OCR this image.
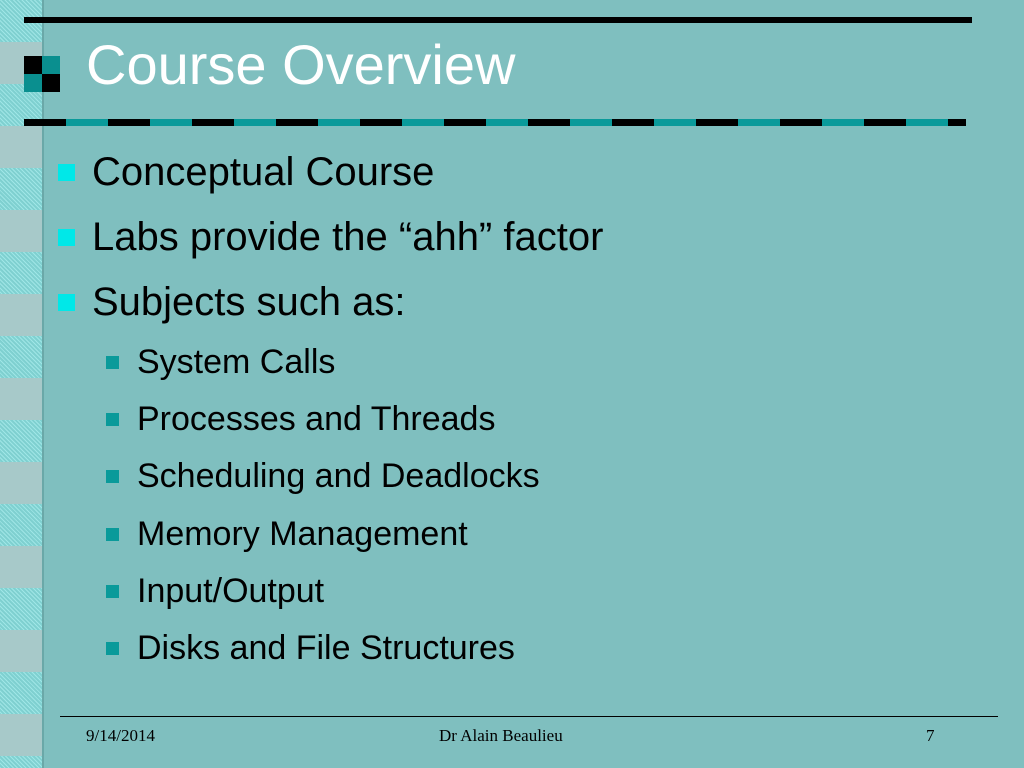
Course Overview
Conceptual Course
Labs provide the “ahh” factor
Subjects such as:
System Calls
Processes and Threads
Scheduling and Deadlocks
Memory Management
Input/Output
Disks and File Structures
9/14/2014	Dr Alain Beaulieu	7
